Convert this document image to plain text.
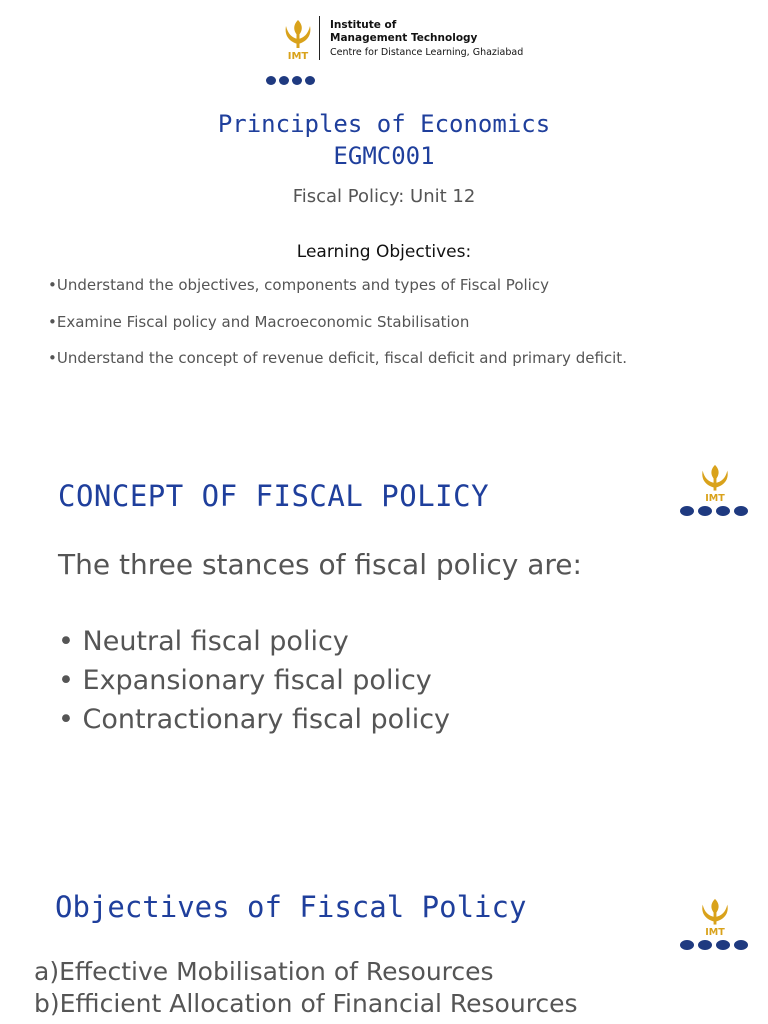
IMT
Institute of
Management Technology
Centre for Distance Learning, Ghaziabad
Principles of Economics
EGMC001
Fiscal Policy: Unit 12
Learning Objectives:
•Understand the objectives, components and types of Fiscal Policy
•Examine Fiscal policy and Macroeconomic Stabilisation
•Understand the concept of revenue deficit, fiscal deficit and primary deficit.
CONCEPT OF FISCAL POLICY	IMT
The three stances of fiscal policy are:
• Neutral fiscal policy
• Expansionary fiscal policy
• Contractionary fiscal policy
Objectives of Fiscal Policy
IMT
a)Effective Mobilisation of Resources
b)Efficient Allocation of Financial Resources
